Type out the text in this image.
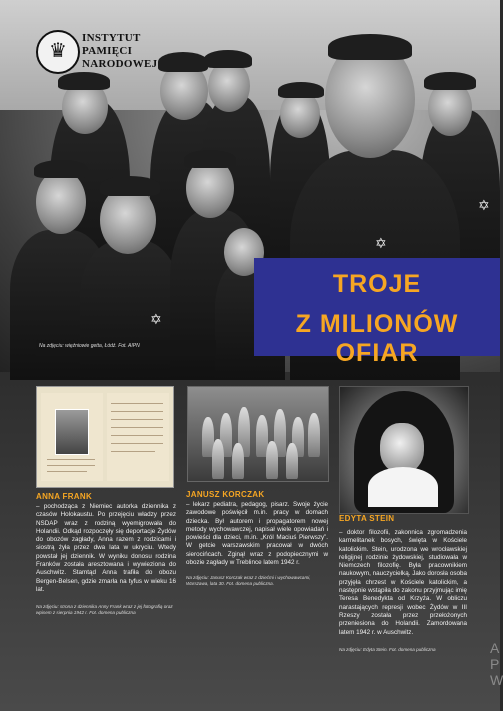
✡
✡
✡
♛
INSTYTUT
PAMIĘCI
NARODOWEJ
Na zdjęciu: więźniowie getta, Łódź. Fot. AIPN
TROJE
Z MILIONÓW OFIAR
ANNA FRANK
– pochodząca z Niemiec autorka dziennika z czasów Holokaustu. Po przejęciu władzy przez NSDAP wraz z rodziną wyemigrowała do Holandii. Odkąd rozpoczęły się deportacje Żydów do obozów zagłady, Anna razem z rodzicami i siostrą żyła przez dwa lata w ukryciu. Wtedy powstał jej dziennik. W wyniku donosu rodzina Franków została aresztowana i wywieziona do Auschwitz. Stamtąd Anna trafiła do obozu Bergen-Belsen, gdzie zmarła na tyfus w wieku 16 lat.
Na zdjęciu: strona z dziennika Anny Frank wraz z jej fotografią oraz wpisem z sierpnia 1942 r. Fot. domena publiczna
JANUSZ KORCZAK
– lekarz pediatra, pedagog, pisarz. Swoje życie zawodowe poświęcił m.in. pracy w domach dziecka. Był autorem i propagatorem nowej metody wychowawczej, napisał wiele opowiadań i powieści dla dzieci, m.in. „Król Maciuś Pierwszy”. W getcie warszawskim pracował w dwóch sierocińcach. Zginął wraz z podopiecznymi w obozie zagłady w Treblince latem 1942 r.
Na zdjęciu: Janusz Korczak wraz z dziećmi i wychowawcami, Warszawa, lata 30. Fot. domena publiczna.
EDYTA STEIN
– doktor filozofii, zakonnica zgromadzenia karmelitanek bosych, święta w Kościele katolickim. Stein, urodzona we wrocławskiej religijnej rodzinie żydowskiej, studiowała w Niemczech filozofię. Była pracownikiem naukowym, nauczycielką. Jako dorosła osoba przyjęła chrzest w Kościele katolickim, a następnie wstąpiła do zakonu przyjmując imię Teresa Benedykta od Krzyża. W obliczu narastających represji wobec Żydów w III Rzeszy została przez przełożonych przeniesiona do Holandii. Zamordowana latem 1942 r. w Auschwitz.
Na zdjęciu: Edyta Stein. Fot. domena publiczna	A P W
